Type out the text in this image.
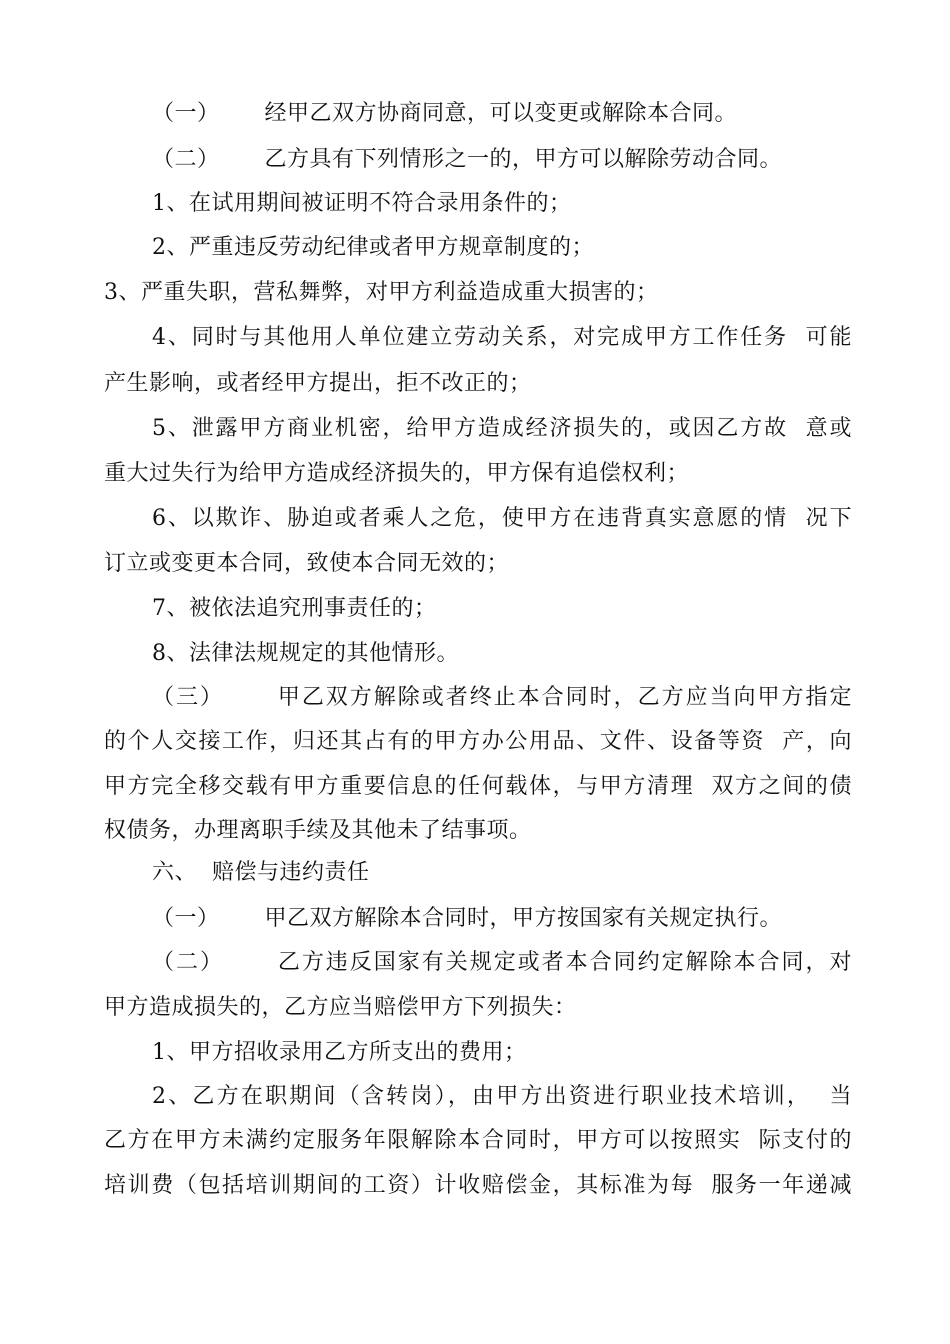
（一）      经甲乙双方协商同意，可以变更或解除本合同。
（二）      乙方具有下列情形之一的，甲方可以解除劳动合同。
1、在试用期间被证明不符合录用条件的；
2、严重违反劳动纪律或者甲方规章制度的；
3、严重失职，营私舞弊，对甲方利益造成重大损害的；
4、同时与其他用人单位建立劳动关系，对完成甲方工作任务  可能
产生影响，或者经甲方提出，拒不改正的；
5、泄露甲方商业机密，给甲方造成经济损失的，或因乙方故  意或
重大过失行为给甲方造成经济损失的，甲方保有追偿权利；
6、以欺诈、胁迫或者乘人之危，使甲方在违背真实意愿的情  况下
订立或变更本合同，致使本合同无效的；
7、被依法追究刑事责任的；
8、法律法规规定的其他情形。
（三）      甲乙双方解除或者终止本合同时，乙方应当向甲方指定
的个人交接工作，归还其占有的甲方办公用品、文件、设备等资  产，向
甲方完全移交载有甲方重要信息的任何载体，与甲方清理  双方之间的债
权债务，办理离职手续及其他未了结事项。
六、  赔偿与违约责任
（一）      甲乙双方解除本合同时，甲方按国家有关规定执行。
（二）      乙方违反国家有关规定或者本合同约定解除本合同，对
甲方造成损失的，乙方应当赔偿甲方下列损失：
1、甲方招收录用乙方所支出的费用；
2、乙方在职期间（含转岗），由甲方出资进行职业技术培训，  当
乙方在甲方未满约定服务年限解除本合同时，甲方可以按照实  际支付的
培训费（包括培训期间的工资）计收赔偿金，其标准为每  服务一年递减
